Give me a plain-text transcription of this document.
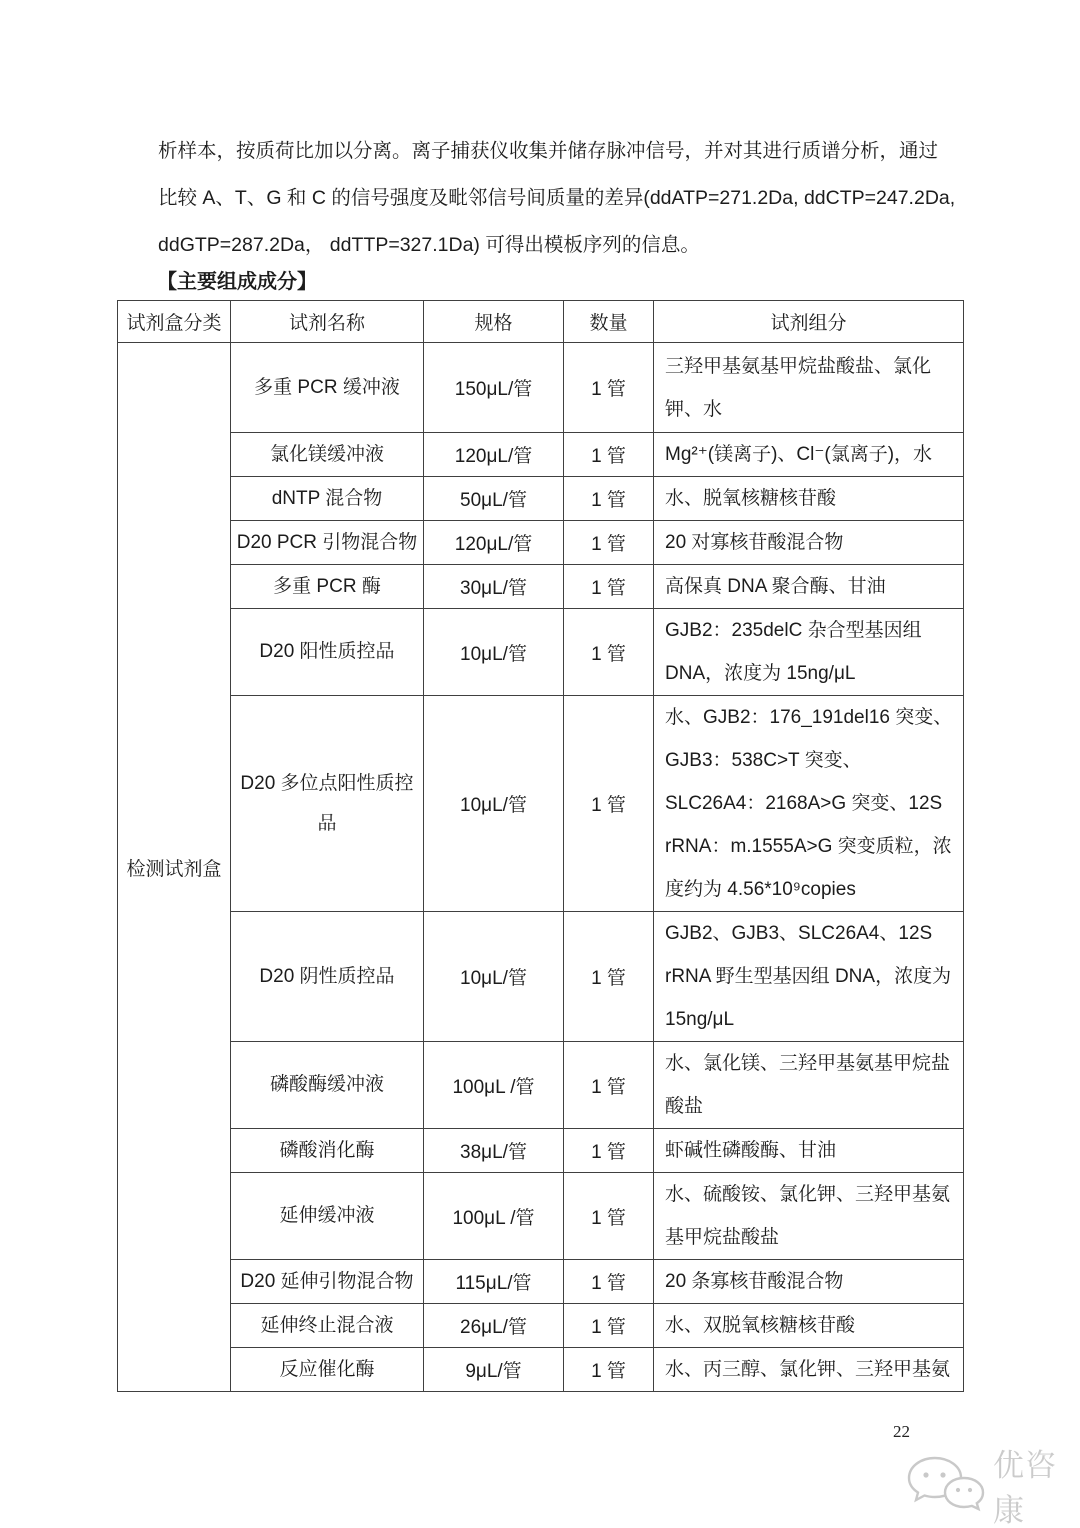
析样本，按质荷比加以分离。离子捕获仪收集并储存脉冲信号，并对其进行质谱分析，通过
比较 A、T、G 和 C 的信号强度及毗邻信号间质量的差异(ddATP=271.2Da, ddCTP=247.2Da,
ddGTP=287.2Da， ddTTP=327.1Da) 可得出模板序列的信息。
【主要组成成分】
试剂盒分类	试剂名称	规格	数量	试剂组分
检测试剂盒	多重 PCR 缓冲液	150μL/管	1 管	三羟甲基氨基甲烷盐酸盐、氯化钾、水
	氯化镁缓冲液	120μL/管	1 管	Mg²⁺(镁离子)、Cl⁻(氯离子)，水
	dNTP 混合物	50μL/管	1 管	水、脱氧核糖核苷酸
	D20 PCR 引物混合物	120μL/管	1 管	20 对寡核苷酸混合物
	多重 PCR 酶	30μL/管	1 管	高保真 DNA 聚合酶、甘油
	D20 阳性质控品	10μL/管	1 管	GJB2：235delC 杂合型基因组 DNA，浓度为 15ng/μL
	D20 多位点阳性质控品	10μL/管	1 管	水、GJB2：176_191del16 突变、GJB3：538C>T 突变、SLC26A4：2168A>G 突变、12S rRNA：m.1555A>G 突变质粒，浓度约为 4.56*10⁹copies
	D20 阴性质控品	10μL/管	1 管	GJB2、GJB3、SLC26A4、12S rRNA 野生型基因组 DNA，浓度为 15ng/μL
	磷酸酶缓冲液	100μL /管	1 管	水、氯化镁、三羟甲基氨基甲烷盐酸盐
	磷酸消化酶	38μL/管	1 管	虾碱性磷酸酶、甘油
	延伸缓冲液	100μL /管	1 管	水、硫酸铵、氯化钾、三羟甲基氨基甲烷盐酸盐
	D20 延伸引物混合物	115μL/管	1 管	20 条寡核苷酸混合物
	延伸终止混合液	26μL/管	1 管	水、双脱氧核糖核苷酸
	反应催化酶	9μL/管	1 管	水、丙三醇、氯化钾、三羟甲基氨
22
优咨康
